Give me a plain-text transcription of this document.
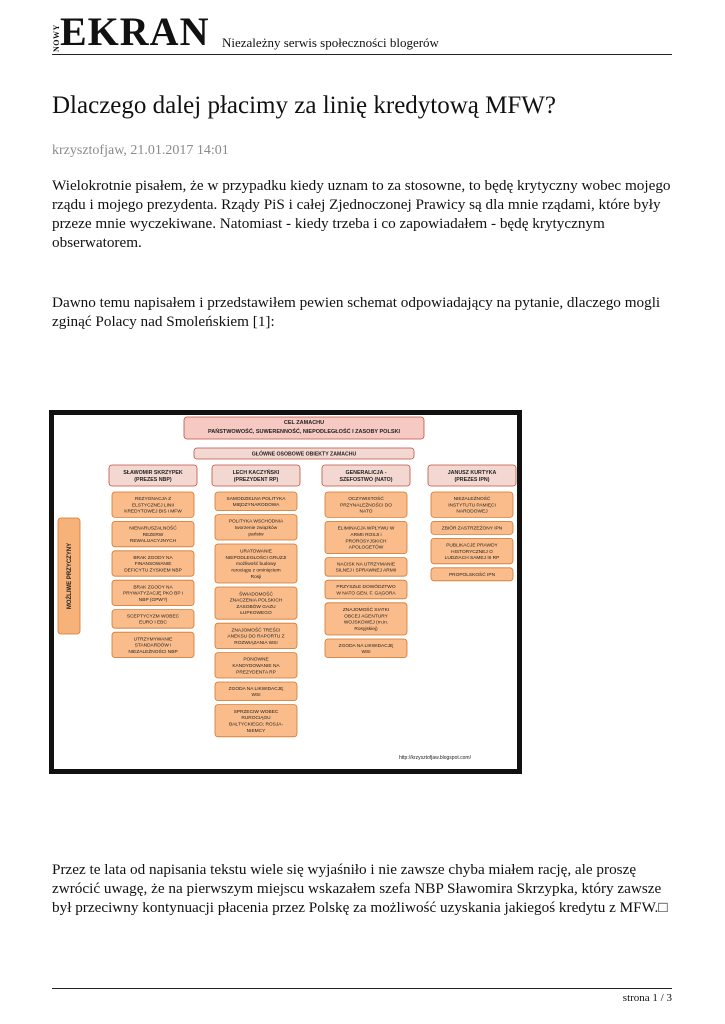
NOWY EKRAN Niezależny serwis społeczności blogerów
Dlaczego dalej płacimy za linię kredytową MFW?
krzysztofjaw, 21.01.2017 14:01

Wielokrotnie pisałem, że w przypadku kiedy uznam to za stosowne, to będę krytyczny wobec mojego rządu i mojego prezydenta. Rządy PiS i całej Zjednoczonej Prawicy są dla mnie rządami, które były przeze mnie wyczekiwane. Natomiast - kiedy trzeba i co zapowiadałem - będę krytycznym obserwatorem.

Dawno temu napisałem i przedstawiłem pewien schemat odpowiadający na pytanie, dlaczego mogli zginąć Polacy nad Smoleńskiem [1]:

CEL ZAMACHU
PAŃSTWOWOŚĆ, SUWERENNOŚĆ, NIEPODLEGŁOŚĆ I ZASOBY POLSKI
GŁÓWNE OSOBOWE OBIEKTY ZAMACHU
MOŻLIWE PRZYCZYNY
SŁAWOMIR SKRZYPEK
(PREZES NBP)
REZYGNACJA Z
ELSTYCZNEJ LINII
KREDYTOWEJ BIS i MFW
NIENARUSZALNOŚĆ
REZERW
REWALUACYJNYCH
BRAK ZGODY NA
FINANSOWANIE
DEFICYTU ZYSKIEM NBP
BRAK ZGODY NA
PRYWATYZACJĘ PKO BP i
NBP (GPW?)
SCEPTYCYZM WOBEC
EURO I EBC
UTRZYMYWANIE
STANDARDÓW i
NIEZALEŻNOŚCI NBP
LECH KACZYŃSKI
(PREZYDENT RP)
SAMODZIELNA POLITYKA
MIĘDZYNARODOWA
POLITYKA WSCHODNIA
tworzenie związków
państw
URATOWANIE
NIEPODLEGŁOŚCI GRUZJI
możliwość budowy
rurociągu z ominięciem
Rosji
ŚWIADOMOŚĆ
ZNACZENIA POLSKICH
ZASOBÓW GAZU
ŁUPKOWEGO
ZNAJOMOŚĆ TREŚCI
ANEKSU DO RAPORTU Z
ROZWIĄZANIA WSI
PONOWNE
KANDYDOWANIE NA
PREZYDENTA RP
ZGODA NA LIKWIDACJĘ
WSI
SPRZECIW WOBEC
RUROCIĄGU
BAŁTYCKIEGO; ROSJA-
NIEMCY
GENERALICJA -
SZEFOSTWO (NATO)
OCZYWISTOŚĆ
PRZYNALEŻNOŚCI DO
NATO
ELIMINACJA WPŁYWU W
ARMII ROSJI i
PROROSYJSKICH
APOLOGETÓW
NACISK NA UTRZYMANIE
SILNEJ i SPRAWNEJ ARMII
PRZYSZŁE DOWÓDZTWO
W NATO GEN. F. GĄGORA
ZNAJOMOŚĆ SIATKI
OBCEJ AGENTURY
WOJSKOWEJ (m.in.
Rosyjskiej)
ZGODA NA LIKWIDACJĘ
WSI
JANUSZ KURTYKA
(PREZES IPN)
NIEZALEŻNOŚĆ
INSTYTUTU PAMIĘCI
NARODOWEJ
ZBIÓR ZASTRZEŻONY IPN
PUBLIKACJE PRAWDY
HISTORYCZNEJ O
LUDZIACH SAMEJ III RP
PROPOLSKOŚĆ IPN
http://krzysztofjaw.blogspot.com/

Przez te lata od napisania tekstu wiele się wyjaśniło i nie zawsze chyba miałem rację, ale proszę zwrócić uwagę, że na pierwszym miejscu wskazałem szefa NBP Sławomira Skrzypka, który zawsze był przeciwny kontynuacji płacenia przez Polskę za możliwość uzyskania jakiegoś kredytu z MFW.□

strona 1 / 3
